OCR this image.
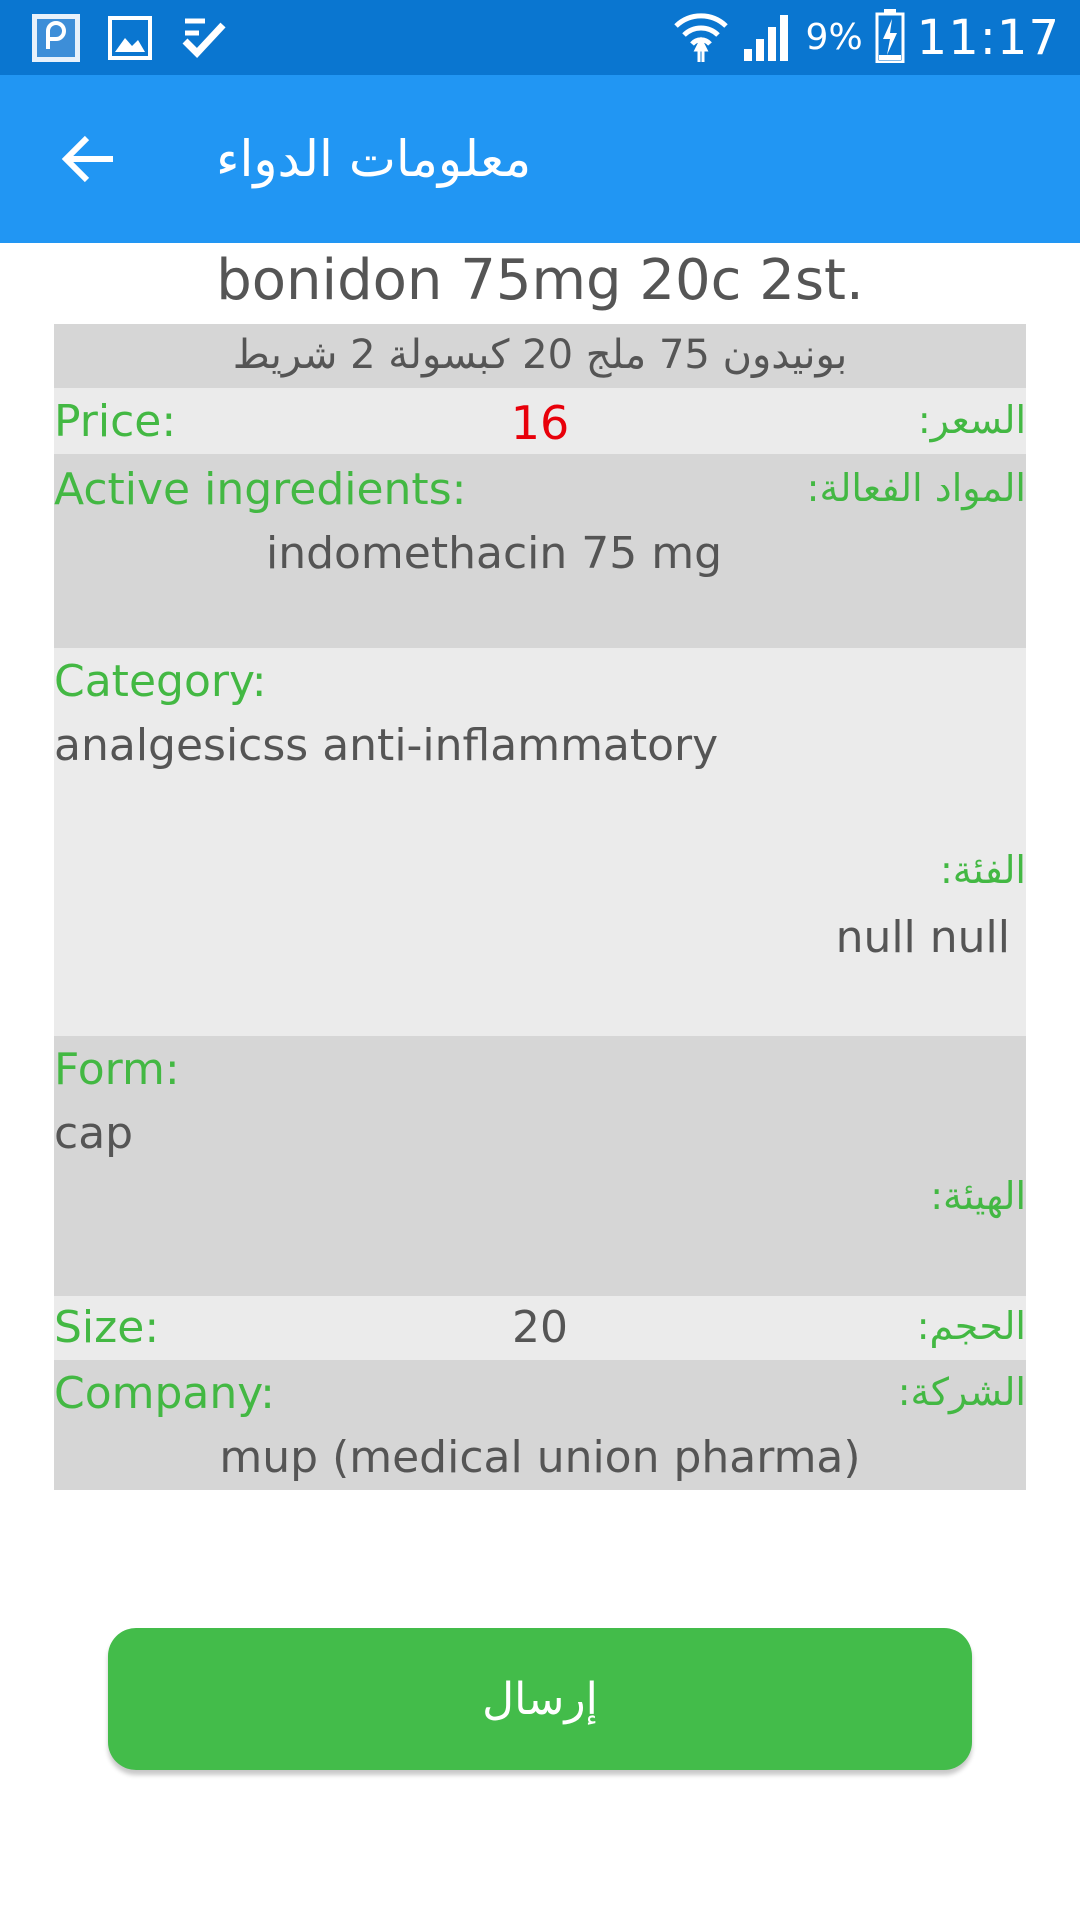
9% 11:17
معلومات الدواء
bonidon 75mg 20c 2st.
بونيدون 75 ملج 20 كبسولة 2 شريط
Price:	16	السعر:
Active ingredients:	المواد الفعالة:
indomethacin 75 mg
Category:
analgesicss anti-inflammatory
الفئة:
null null
Form:
cap
الهيئة:
Size:	20	الحجم:
Company:	الشركة:
mup (medical union pharma)
إرسال
